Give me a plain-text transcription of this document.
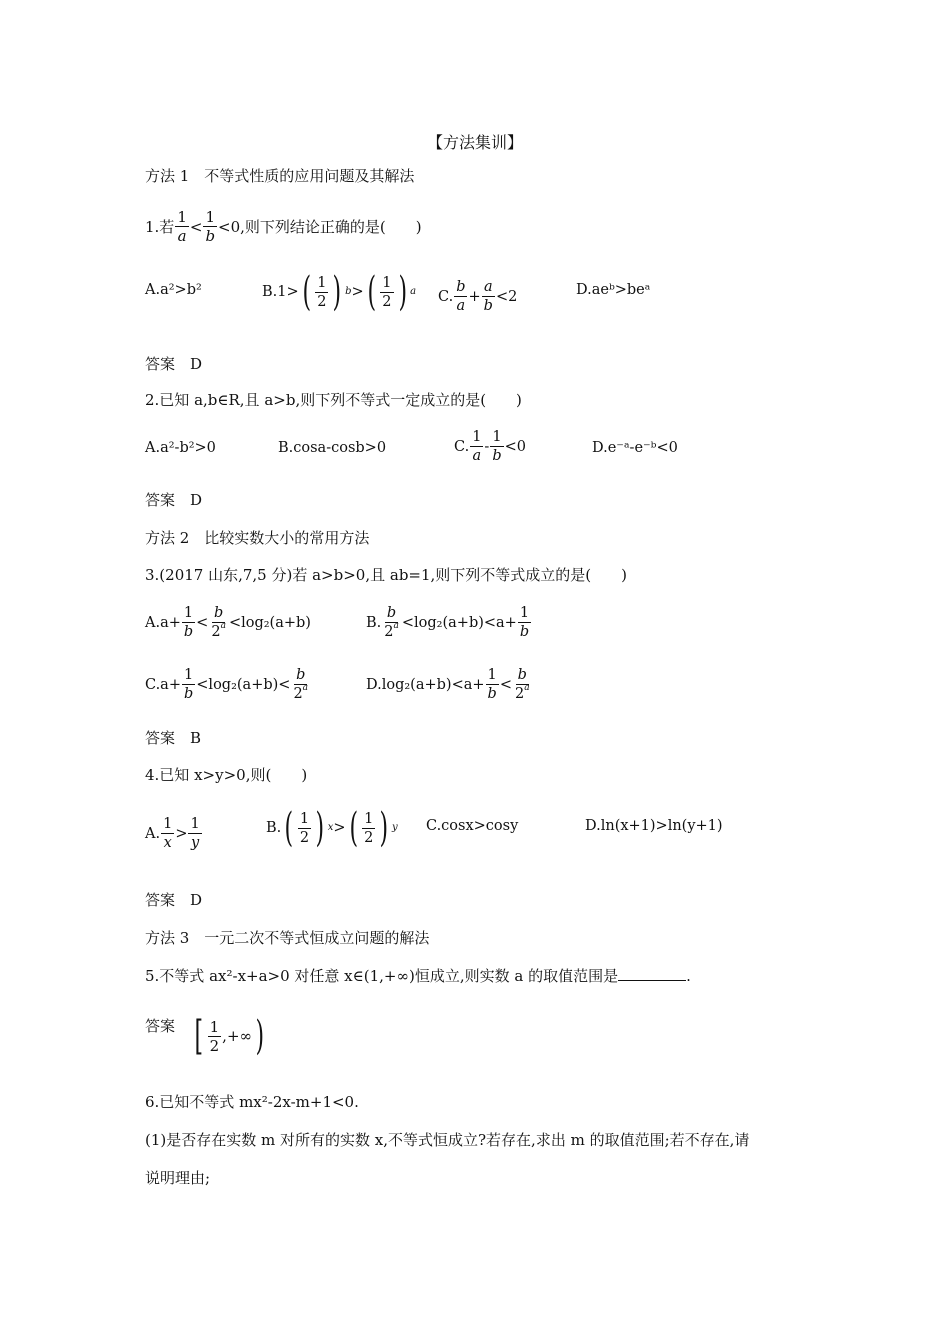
【方法集训】
方法 1　不等式性质的应用问题及其解法
1.若
1
a
<
1
b
<0,则下列结论正确的是(　　)
A.a²>b²	B.1> ( 1
2 ) b > ( 1
2 ) a C.
b
a
+ $\frac{a}{b} <2$	D.aeᵇ>beᵃ
答案　D
2.已知 a,b∈R,且 a>b,则下列不等式一定成立的是(　　)
A.a²-b²>0	B.cosa-cosb>0	C.
1
a
-
1
b
<0	D.e⁻ᵃ-e⁻ᵇ<0
答案　D
方法 2　比较实数大小的常用方法
3.(2017 山东,7,5 分)若 a>b>0,且 ab=1,则下列不等式成立的是(　　)
$A.a+ \frac{1}{b}$ <
b
$2^a <\log_2(a+b)$	B.
b
$2^a <\log_2(a+b)<a+ \frac{1}{b}$
$C.a+ \frac{1}{b} <\log_2(a+b)<$
b
2$^a$	$D.\log_2(a+b)<a+ \frac{1}{b}$ <
b
2$^a$
答案　B
4.已知 x>y>0,则(　　)
A.
1
x
>
1
y
B. ( 1
2 ) x > ( 1
2 ) y C.cosx>cosy	D.ln(x+1)>ln(y+1)
答案　D
方法 3　一元二次不等式恒成立问题的解法
5.不等式 ax²-x+a>0 对任意 x∈(1,+∞)恒成立,则实数 a 的取值范围是	.
答案 [ 1
2
,+∞ )
6.已知不等式 mx²-2x-m+1<0.
(1)是否存在实数 m 对所有的实数 x,不等式恒成立?若存在,求出 m 的取值范围;若不存在,请
说明理由;
